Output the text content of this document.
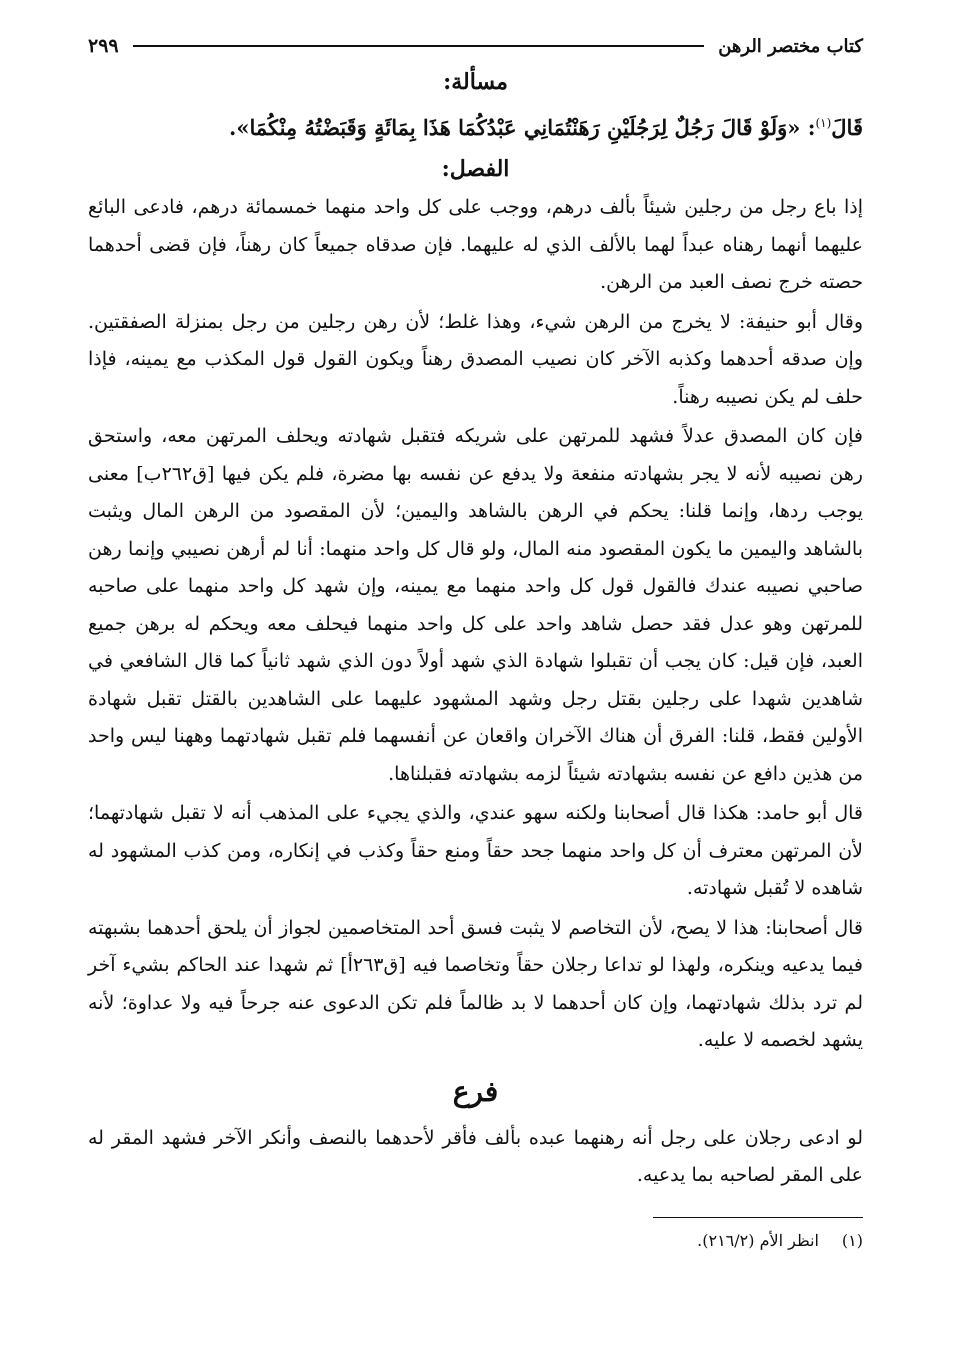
كتاب مختصر الرهن
٢٩٩
مسألة:
قَالَ$^{(١)}$: «وَلَوْ قَالَ رَجُلٌ لِرَجُلَيْنِ رَهَنْتُمَانِي عَبْدُكُمَا هَذَا بِمَائَةٍ وَقَبَضْتُهُ مِنْكُمَا».
الفصل:

إذا باع رجل من رجلين شيئاً بألف درهم، ووجب على كل واحد منهما خمسمائة درهم، فادعى البائع عليهما أنهما رهناه عبداً لهما بالألف الذي له عليهما. فإن صدقاه جميعاً كان رهناً، فإن قضى أحدهما حصته خرج نصف العبد من الرهن.

وقال أبو حنيفة: لا يخرج من الرهن شيء، وهذا غلط؛ لأن رهن رجلين من رجل بمنزلة الصفقتين. وإن صدقه أحدهما وكذبه الآخر كان نصيب المصدق رهناً ويكون القول قول المكذب مع يمينه، فإذا حلف لم يكن نصيبه رهناً.

فإن كان المصدق عدلاً فشهد للمرتهن على شريكه فتقبل شهادته ويحلف المرتهن معه، واستحق رهن نصيبه لأنه لا يجر بشهادته منفعة ولا يدفع عن نفسه بها مضرة، فلم يكن فيها [ق٢٦٢ب] معنى يوجب ردها، وإنما قلنا: يحكم في الرهن بالشاهد واليمين؛ لأن المقصود من الرهن المال ويثبت بالشاهد واليمين ما يكون المقصود منه المال، ولو قال كل واحد منهما: أنا لم أرهن نصيبي وإنما رهن صاحبي نصيبه عندك فالقول قول كل واحد منهما مع يمينه، وإن شهد كل واحد منهما على صاحبه للمرتهن وهو عدل فقد حصل شاهد واحد على كل واحد منهما فيحلف معه ويحكم له برهن جميع العبد، فإن قيل: كان يجب أن تقبلوا شهادة الذي شهد أولاً دون الذي شهد ثانياً كما قال الشافعي في شاهدين شهدا على رجلين بقتل رجل وشهد المشهود عليهما على الشاهدين بالقتل تقبل شهادة الأولين فقط، قلنا: الفرق أن هناك الآخران واقعان عن أنفسهما فلم تقبل شهادتهما وههنا ليس واحد من هذين دافع عن نفسه بشهادته شيئاً لزمه بشهادته فقبلناها.

قال أبو حامد: هكذا قال أصحابنا ولكنه سهو عندي، والذي يجيء على المذهب أنه لا تقبل شهادتهما؛ لأن المرتهن معترف أن كل واحد منهما جحد حقاً ومنع حقاً وكذب في إنكاره، ومن كذب المشهود له شاهده لا تُقبل شهادته.

قال أصحابنا: هذا لا يصح، لأن التخاصم لا يثبت فسق أحد المتخاصمين لجواز أن يلحق أحدهما بشبهته فيما يدعيه وينكره، ولهذا لو تداعا رجلان حقاً وتخاصما فيه [ق٢٦٣أ] ثم شهدا عند الحاكم بشيء آخر لم ترد بذلك شهادتهما، وإن كان أحدهما لا بد ظالماً فلم تكن الدعوى عنه جرحاً فيه ولا عداوة؛ لأنه يشهد لخصمه لا عليه.

فرع

لو ادعى رجلان على رجل أنه رهنهما عبده بألف فأقر لأحدهما بالنصف وأنكر الآخر فشهد المقر له على المقر لصاحبه بما يدعيه.

(١)انظر الأم (٢١٦/٢).
